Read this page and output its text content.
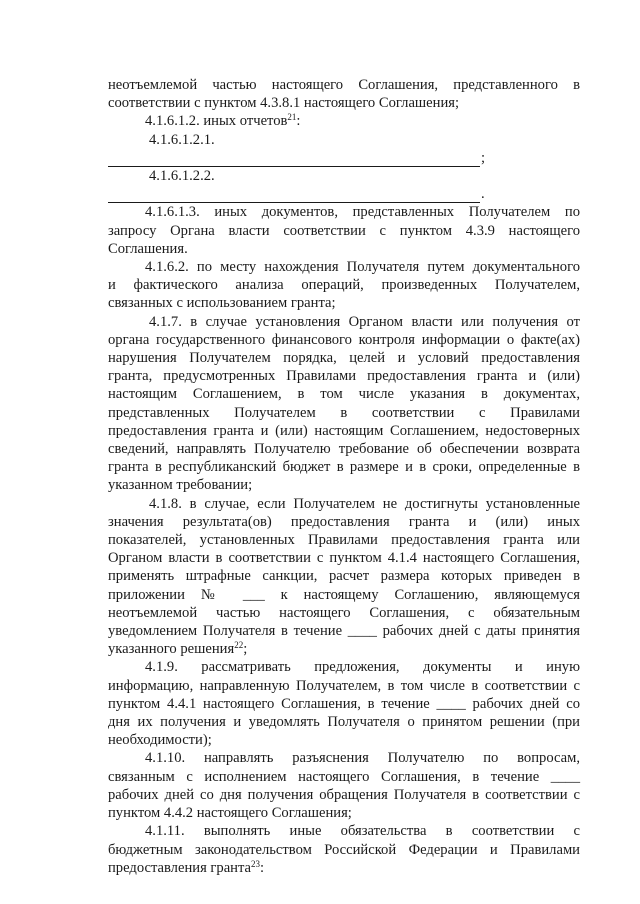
неотъемлемой частью настоящего Соглашения, представленного в

соответствии с пунктом 4.3.8.1 настоящего Соглашения;

4.1.6.1.2. иных отчетов$^{21}$:

4.1.6.1.2.1.

;

4.1.6.1.2.2.

.

4.1.6.1.3. иных документов, представленных Получателем по

запросу Органа власти соответствии с пунктом 4.3.9 настоящего

Соглашения.

4.1.6.2. по месту нахождения Получателя путем документального

и фактического анализа операций, произведенных Получателем,

связанных с использованием гранта;

4.1.7. в случае установления Органом власти или получения от

органа государственного финансового контроля информации о факте(ах)

нарушения Получателем порядка, целей и условий предоставления

гранта, предусмотренных Правилами предоставления гранта и (или)

настоящим Соглашением, в том числе указания в документах,

представленных Получателем в соответствии с Правилами

предоставления гранта и (или) настоящим Соглашением, недостоверных

сведений, направлять Получателю требование об обеспечении возврата

гранта в республиканский бюджет в размере и в сроки, определенные в

указанном требовании;

4.1.8. в случае, если Получателем не достигнуты установленные

значения результата(ов) предоставления гранта и (или) иных

показателей, установленных Правилами предоставления гранта или

Органом власти в соответствии с пунктом 4.1.4 настоящего Соглашения,

применять штрафные санкции, расчет размера которых приведен в

приложении № ___ к настоящему Соглашению, являющемуся

неотъемлемой частью настоящего Соглашения, с обязательным

уведомлением Получателя в течение ____ рабочих дней с даты принятия

указанного решения$^{22}$;

4.1.9. рассматривать предложения, документы и иную

информацию, направленную Получателем, в том числе в соответствии с

пунктом 4.4.1 настоящего Соглашения, в течение ____ рабочих дней со

дня их получения и уведомлять Получателя о принятом решении (при

необходимости);

4.1.10. направлять разъяснения Получателю по вопросам,

связанным с исполнением настоящего Соглашения, в течение ____

рабочих дней со дня получения обращения Получателя в соответствии с

пунктом 4.4.2 настоящего Соглашения;

4.1.11. выполнять иные обязательства в соответствии с

бюджетным законодательством Российской Федерации и Правилами

предоставления гранта$^{23}$:
